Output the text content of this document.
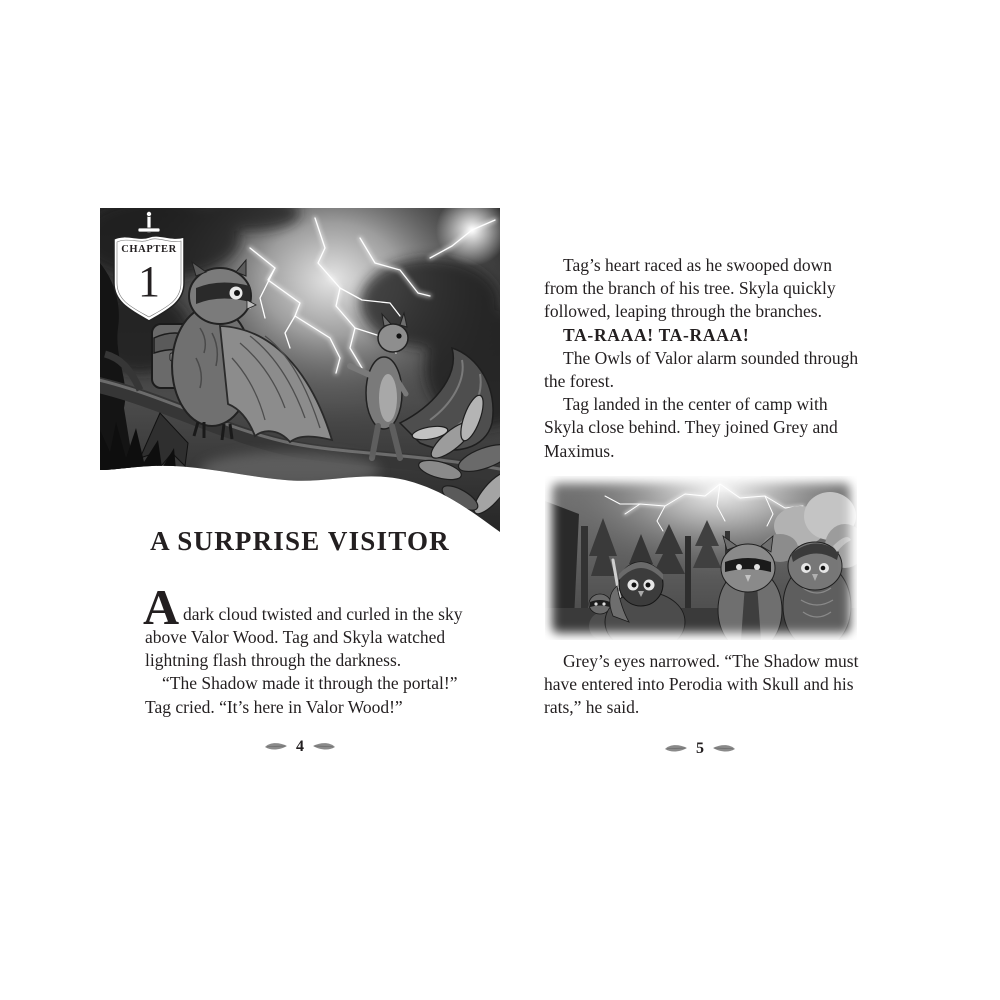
CHAPTER
1
A SURPRISE VISITOR
A dark cloud twisted and curled in the sky
above Valor Wood. Tag and Skyla watched
lightning flash through the darkness.
“The Shadow made it through the portal!”
Tag cried. “It’s here in Valor Wood!”
4
Tag’s heart raced as he swooped down
from the branch of his tree. Skyla quickly
followed, leaping through the branches.
TA-RAAA! TA-RAAA!
The Owls of Valor alarm sounded through
the forest.
Tag landed in the center of camp with
Skyla close behind. They joined Grey and
Maximus.
Grey’s eyes narrowed. “The Shadow must
have entered into Perodia with Skull and his
rats,” he said.
5
